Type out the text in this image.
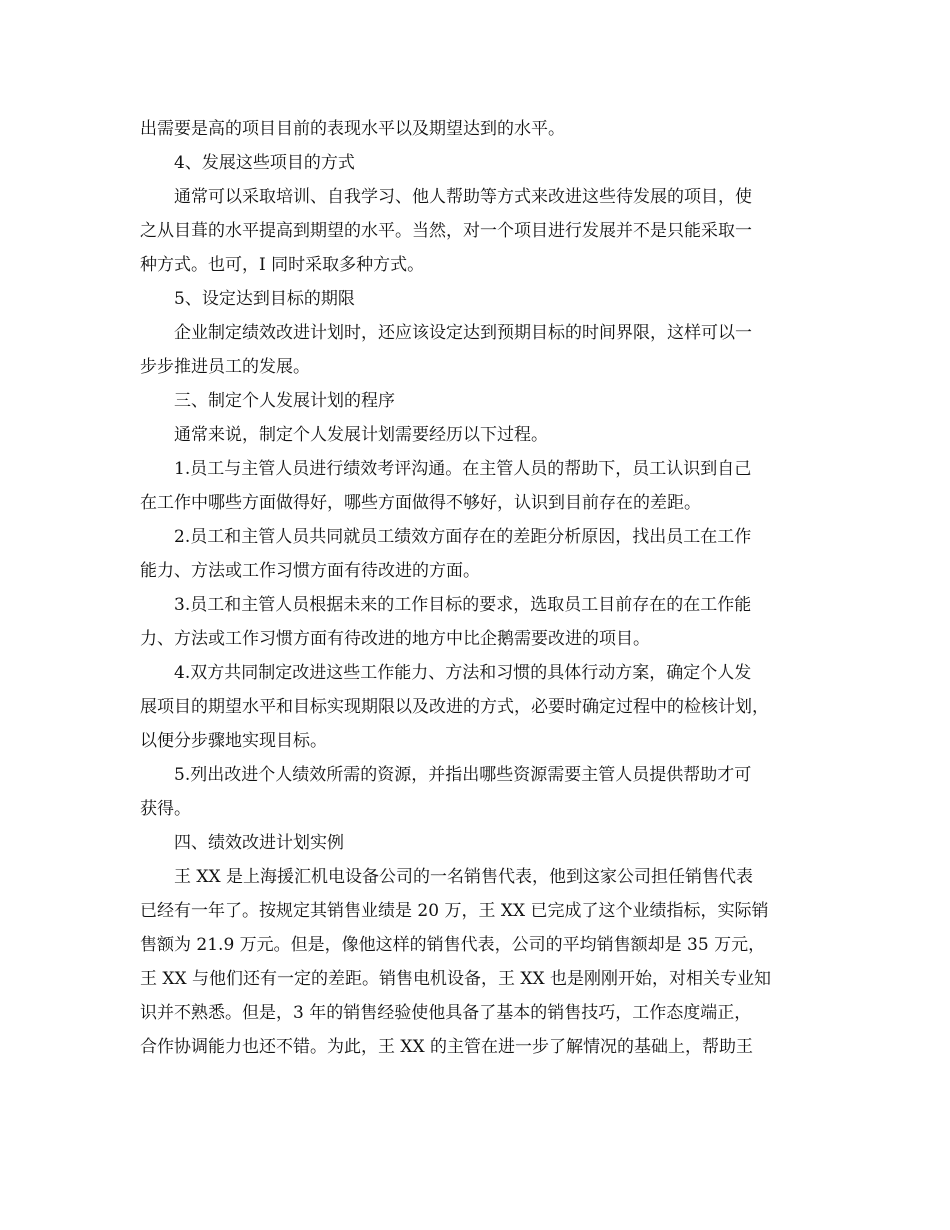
出需要是高的项目目前的表现水平以及期望达到的水平。
4、发展这些项目的方式
通常可以采取培训、自我学习、他人帮助等方式来改进这些待发展的项目，使
之从目葺的水平提高到期望的水平。当然，对一个项目进行发展并不是只能采取一
种方式。也可，I 同时采取多种方式。
5、设定达到目标的期限
企业制定绩效改进计划时，还应该设定达到预期目标的时间界限，这样可以一
步步推进员工的发展。
三、制定个人发展计划的程序
通常来说，制定个人发展计划需要经历以下过程。
1.员工与主管人员进行绩效考评沟通。在主管人员的帮助下，员工认识到自己
在工作中哪些方面做得好，哪些方面做得不够好，认识到目前存在的差距。
2.员工和主管人员共同就员工绩效方面存在的差距分析原因，找出员工在工作
能力、方法或工作习惯方面有待改进的方面。
3.员工和主管人员根据未来的工作目标的要求，选取员工目前存在的在工作能
力、方法或工作习惯方面有待改进的地方中比企鹅需要改进的项目。
4.双方共同制定改进这些工作能力、方法和习惯的具体行动方案，确定个人发
展项目的期望水平和目标实现期限以及改进的方式，必要时确定过程中的检核计划，
以便分步骤地实现目标。
5.列出改进个人绩效所需的资源，并指出哪些资源需要主管人员提供帮助才可
获得。
四、绩效改进计划实例
王 XX 是上海援汇机电设备公司的一名销售代表，他到这家公司担任销售代表
已经有一年了。按规定其销售业绩是 20 万，王 XX 已完成了这个业绩指标，实际销
售额为 21.9 万元。但是，像他这样的销售代表，公司的平均销售额却是 35 万元，
王 XX 与他们还有一定的差距。销售电机设备，王 XX 也是刚刚开始，对相关专业知
识并不熟悉。但是，3 年的销售经验使他具备了基本的销售技巧，工作态度端正，
合作协调能力也还不错。为此，王 XX 的主管在进一步了解情况的基础上，帮助王
